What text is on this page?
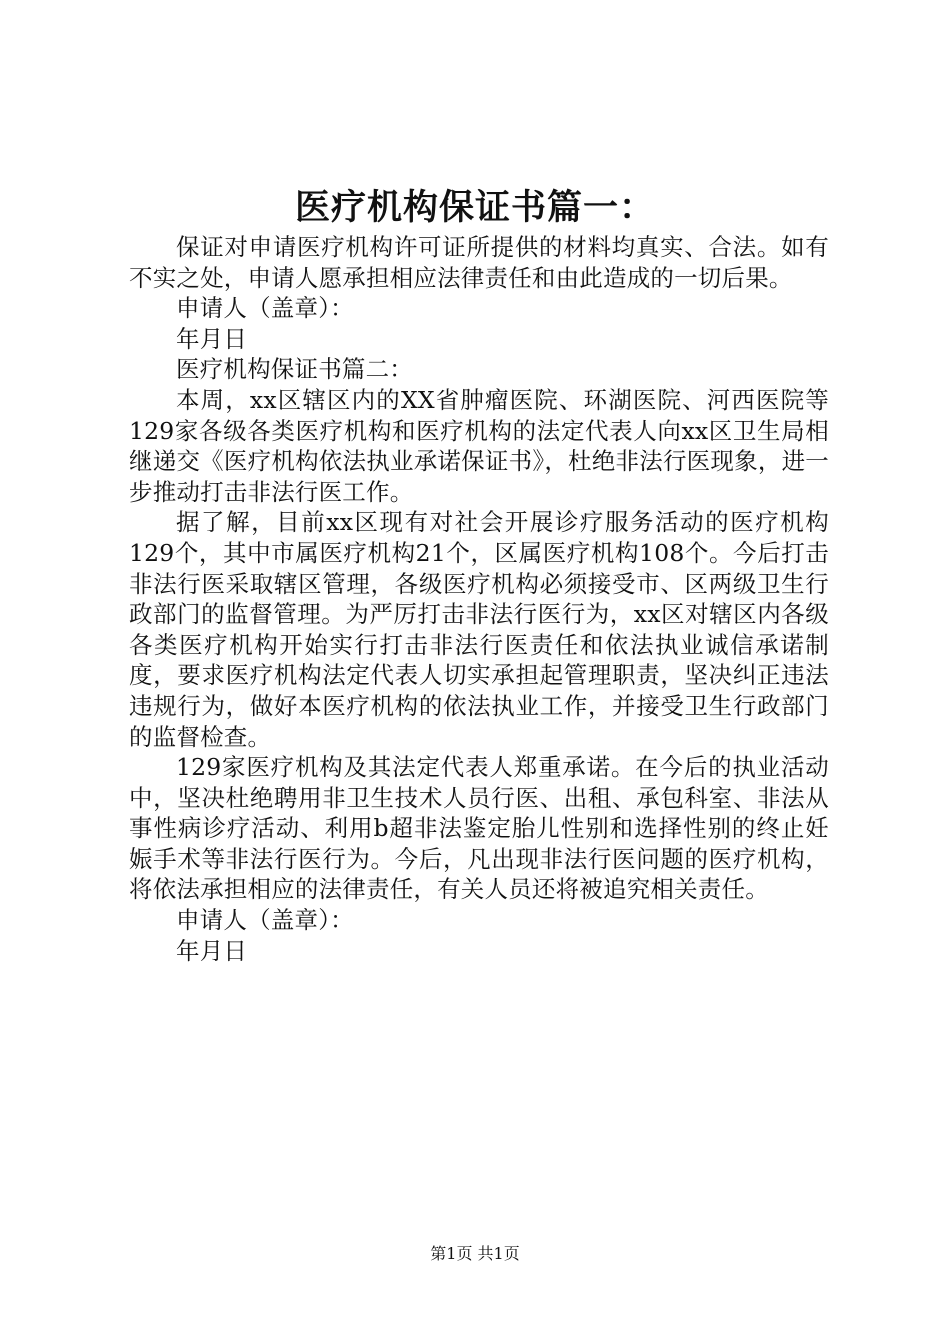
医疗机构保证书篇一：

保证对申请医疗机构许可证所提供的材料均真实、合法。如有不实之处，申请人愿承担相应法律责任和由此造成的一切后果。

申请人（盖章）：

年月日

医疗机构保证书篇二：

本周，xx区辖区内的XX省肿瘤医院、环湖医院、河西医院等129家各级各类医疗机构和医疗机构的法定代表人向xx区卫生局相继递交《医疗机构依法执业承诺保证书》，杜绝非法行医现象，进一步推动打击非法行医工作。

据了解，目前xx区现有对社会开展诊疗服务活动的医疗机构129个，其中市属医疗机构21个，区属医疗机构108个。今后打击非法行医采取辖区管理，各级医疗机构必须接受市、区两级卫生行政部门的监督管理。为严厉打击非法行医行为，xx区对辖区内各级各类医疗机构开始实行打击非法行医责任和依法执业诚信承诺制度，要求医疗机构法定代表人切实承担起管理职责，坚决纠正违法违规行为，做好本医疗机构的依法执业工作，并接受卫生行政部门的监督检查。

129家医疗机构及其法定代表人郑重承诺。在今后的执业活动中，坚决杜绝聘用非卫生技术人员行医、出租、承包科室、非法从事性病诊疗活动、利用b超非法鉴定胎儿性别和选择性别的终止妊娠手术等非法行医行为。今后，凡出现非法行医问题的医疗机构，将依法承担相应的法律责任，有关人员还将被追究相关责任。

申请人（盖章）：

年月日

第1页 共1页
